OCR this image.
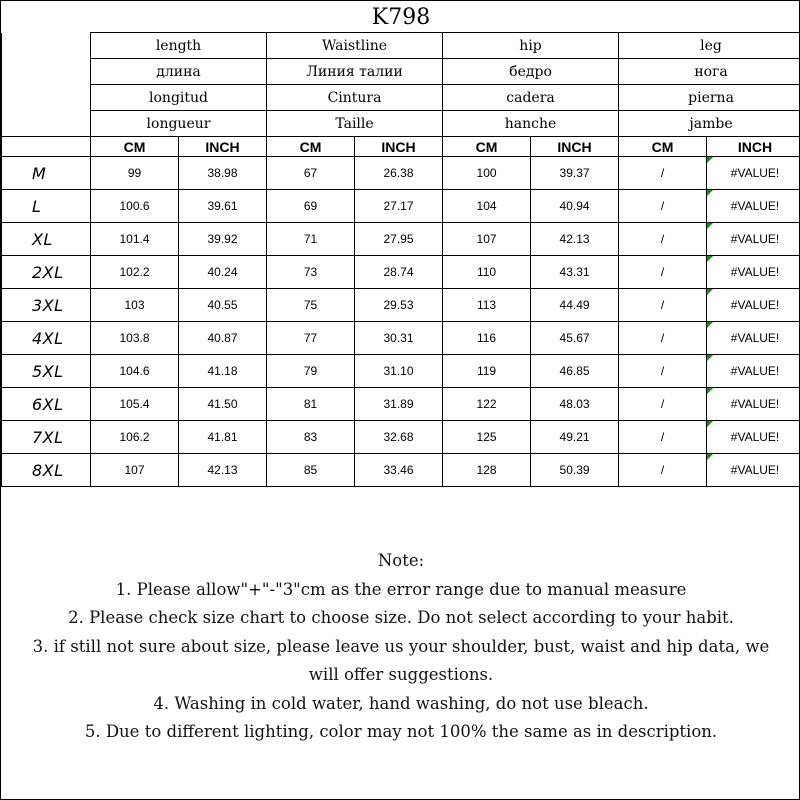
K798
	length		Waistline		hip		leg	
	длина		Линия талии		бедро		нога	
	longitud		Cintura		cadera		pierna	
	longueur		Taille		hanche		jambe	
	CM	INCH	CM	INCH	CM	INCH	CM	INCH
M	99	38.98	67	26.38	100	39.37	/	#VALUE!
L	100.6	39.61	69	27.17	104	40.94	/	#VALUE!
XL	101.4	39.92	71	27.95	107	42.13	/	#VALUE!
2XL	102.2	40.24	73	28.74	110	43.31	/	#VALUE!
3XL	103	40.55	75	29.53	113	44.49	/	#VALUE!
4XL	103.8	40.87	77	30.31	116	45.67	/	#VALUE!
5XL	104.6	41.18	79	31.10	119	46.85	/	#VALUE!
6XL	105.4	41.50	81	31.89	122	48.03	/	#VALUE!
7XL	106.2	41.81	83	32.68	125	49.21	/	#VALUE!
8XL	107	42.13	85	33.46	128	50.39	/	#VALUE!
Note:
1. Please allow"+"-"3"cm as the error range due to manual measure
2. Please check size chart to choose size. Do not select according to your habit.
3. if still not sure about size, please leave us your shoulder, bust, waist and hip data, we
will offer suggestions.
4. Washing in cold water, hand washing, do not use bleach.
5. Due to different lighting, color may not 100% the same as in description.
